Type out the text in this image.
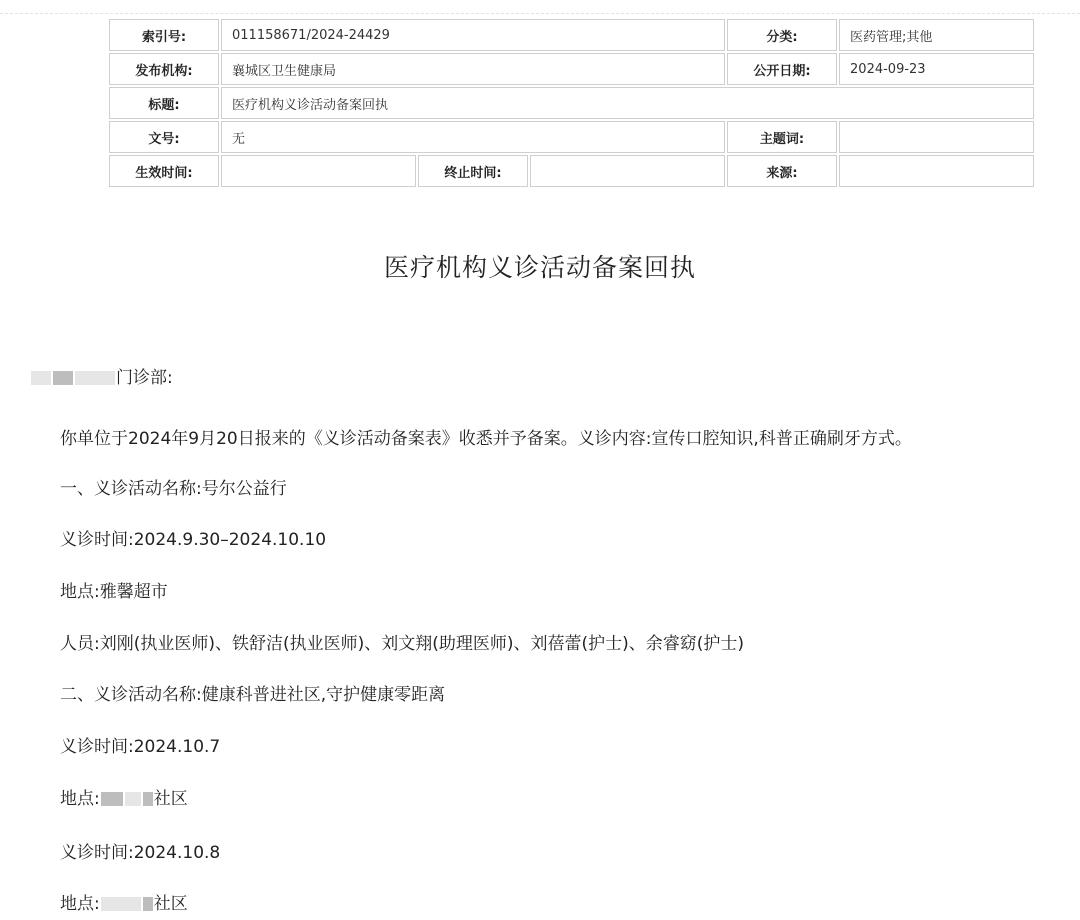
索引号:	011158671/2024-24429			分类:	医药管理;其他
发布机构:	襄城区卫生健康局			公开日期:	2024-09-23
标题:	医疗机构义诊活动备案回执				
文号:	无			主题词:	
生效时间:		终止时间:		来源:	
医疗机构义诊活动备案回执
门诊部:
你单位于2024年9月20日报来的《义诊活动备案表》收悉并予备案。义诊内容:宣传口腔知识,科普正确刷牙方式。
一、义诊活动名称:号尔公益行
义诊时间:2024.9.30–2024.10.10
地点:雅馨超市
人员:刘刚(执业医师)、铁舒洁(执业医师)、刘文翔(助理医师)、刘蓓蕾(护士)、余睿窈(护士)
二、义诊活动名称:健康科普进社区,守护健康零距离
义诊时间:2024.10.7
地点:	社区
义诊时间:2024.10.8
地点:	社区
